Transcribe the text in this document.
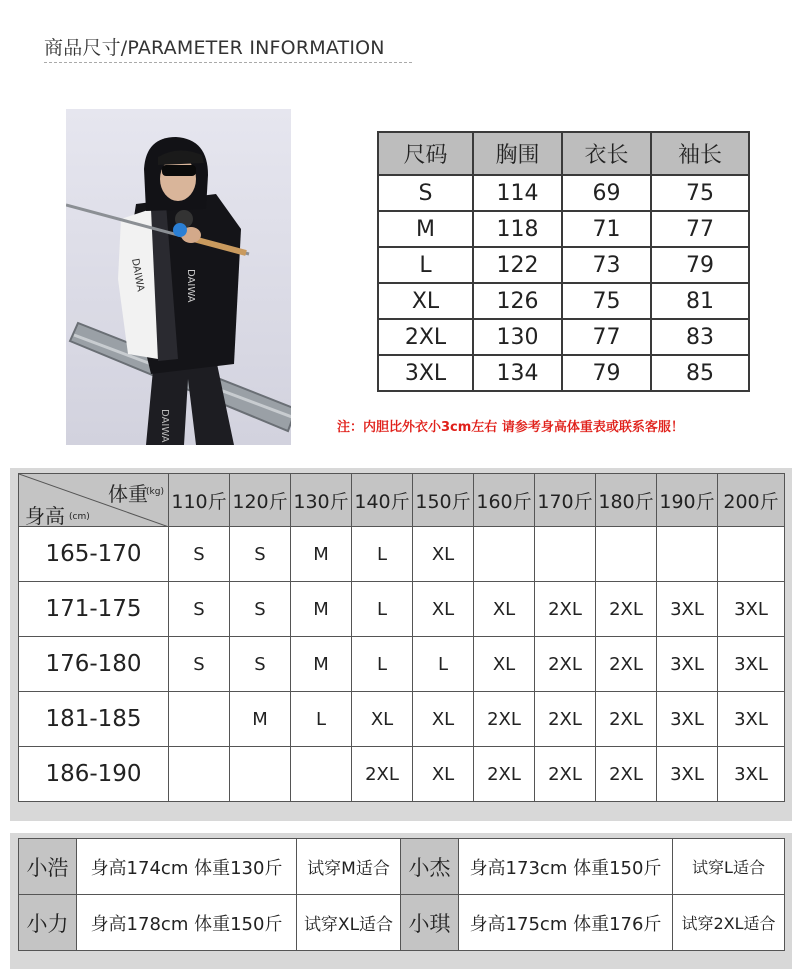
商品尺寸/PARAMETER INFORMATION
DAIWA
DAIWA	DAIWA
尺码	胸围	衣长	袖长
S	114	69	75
M	118	71	77
L	122	73	79
XL	126	75	81
2XL	130	77	83
3XL	134	79	85
注：内胆比外衣小3cm左右 请参考身高体重表或联系客服！
体重
(kg)
身高 (cm)	110斤	120斤	130斤	140斤	150斤	160斤	170斤	180斤	190斤	200斤
165-170	S	S	M	L	XL					
171-175	S	S	M	L	XL	XL	2XL	2XL	3XL	3XL
176-180	S	S	M	L	L	XL	2XL	2XL	3XL	3XL
181-185		M	L	XL	XL	2XL	2XL	2XL	3XL	3XL
186-190				2XL	XL	2XL	2XL	2XL	3XL	3XL
小浩	身高174cm 体重130斤	试穿M适合	小杰	身高173cm 体重150斤	试穿L适合
小力	身高178cm 体重150斤	试穿XL适合	小琪	身高175cm 体重176斤	试穿2XL适合
